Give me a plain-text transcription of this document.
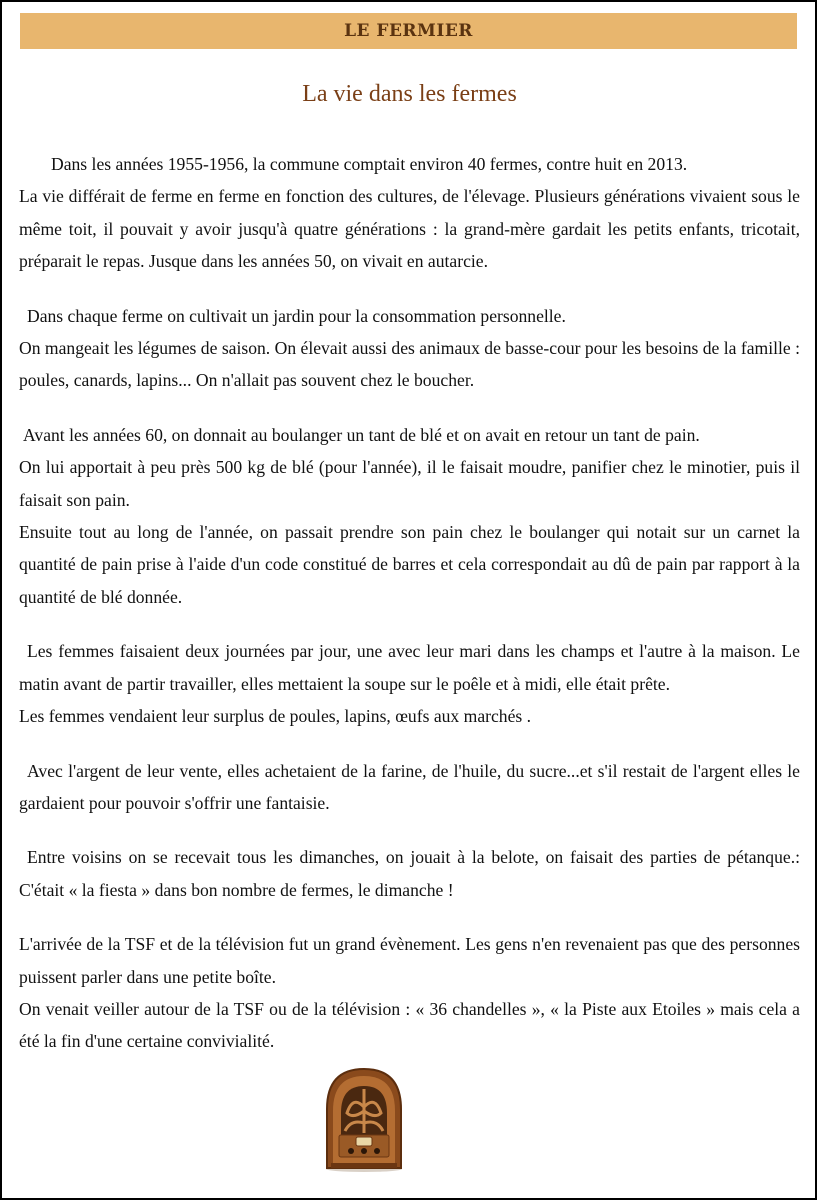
LE FERMIER
La vie dans les fermes

Dans les années 1955-1956, la commune comptait environ 40 fermes, contre huit en 2013.

La vie différait de ferme en ferme en fonction des cultures, de l'élevage. Plusieurs générations vivaient sous le même toit, il pouvait y avoir jusqu'à quatre générations : la grand-mère gardait les petits enfants, tricotait, préparait le repas. Jusque dans les années 50, on vivait en autarcie.

Dans chaque ferme on cultivait un jardin pour la consommation personnelle.

On mangeait les légumes de saison. On élevait aussi des animaux de basse-cour pour les besoins de la famille : poules, canards, lapins... On n'allait pas souvent chez le boucher.

Avant les années 60, on donnait au boulanger un tant de blé et on avait en retour un tant de pain.

On lui apportait à peu près 500 kg de blé (pour l'année), il le faisait moudre, panifier chez le minotier, puis il faisait son pain.

Ensuite tout au long de l'année, on passait prendre son pain chez le boulanger qui notait sur un carnet la quantité de pain prise à l'aide d'un code constitué de barres et cela correspondait au dû de pain par rapport à la quantité de blé donnée.

Les femmes faisaient deux journées par jour, une avec leur mari dans les champs et l'autre à la maison. Le matin avant de partir travailler, elles mettaient la soupe sur le poêle et à midi, elle était prête.

Les femmes vendaient leur surplus de poules, lapins, œufs aux marchés .

Avec l'argent de leur vente, elles achetaient de la farine, de l'huile, du sucre...et s'il restait de l'argent elles le gardaient pour pouvoir s'offrir une fantaisie.

Entre voisins on se recevait tous les dimanches, on jouait à la belote, on faisait des parties de pétanque.: C'était « la fiesta » dans bon nombre de fermes, le dimanche !

L'arrivée de la TSF et de la télévision fut un grand évènement. Les gens n'en revenaient pas que des personnes puissent parler dans une petite boîte.

On venait veiller autour de la TSF ou de la télévision : « 36 chandelles », « la Piste aux Etoiles » mais cela a été la fin d'une certaine convivialité.
